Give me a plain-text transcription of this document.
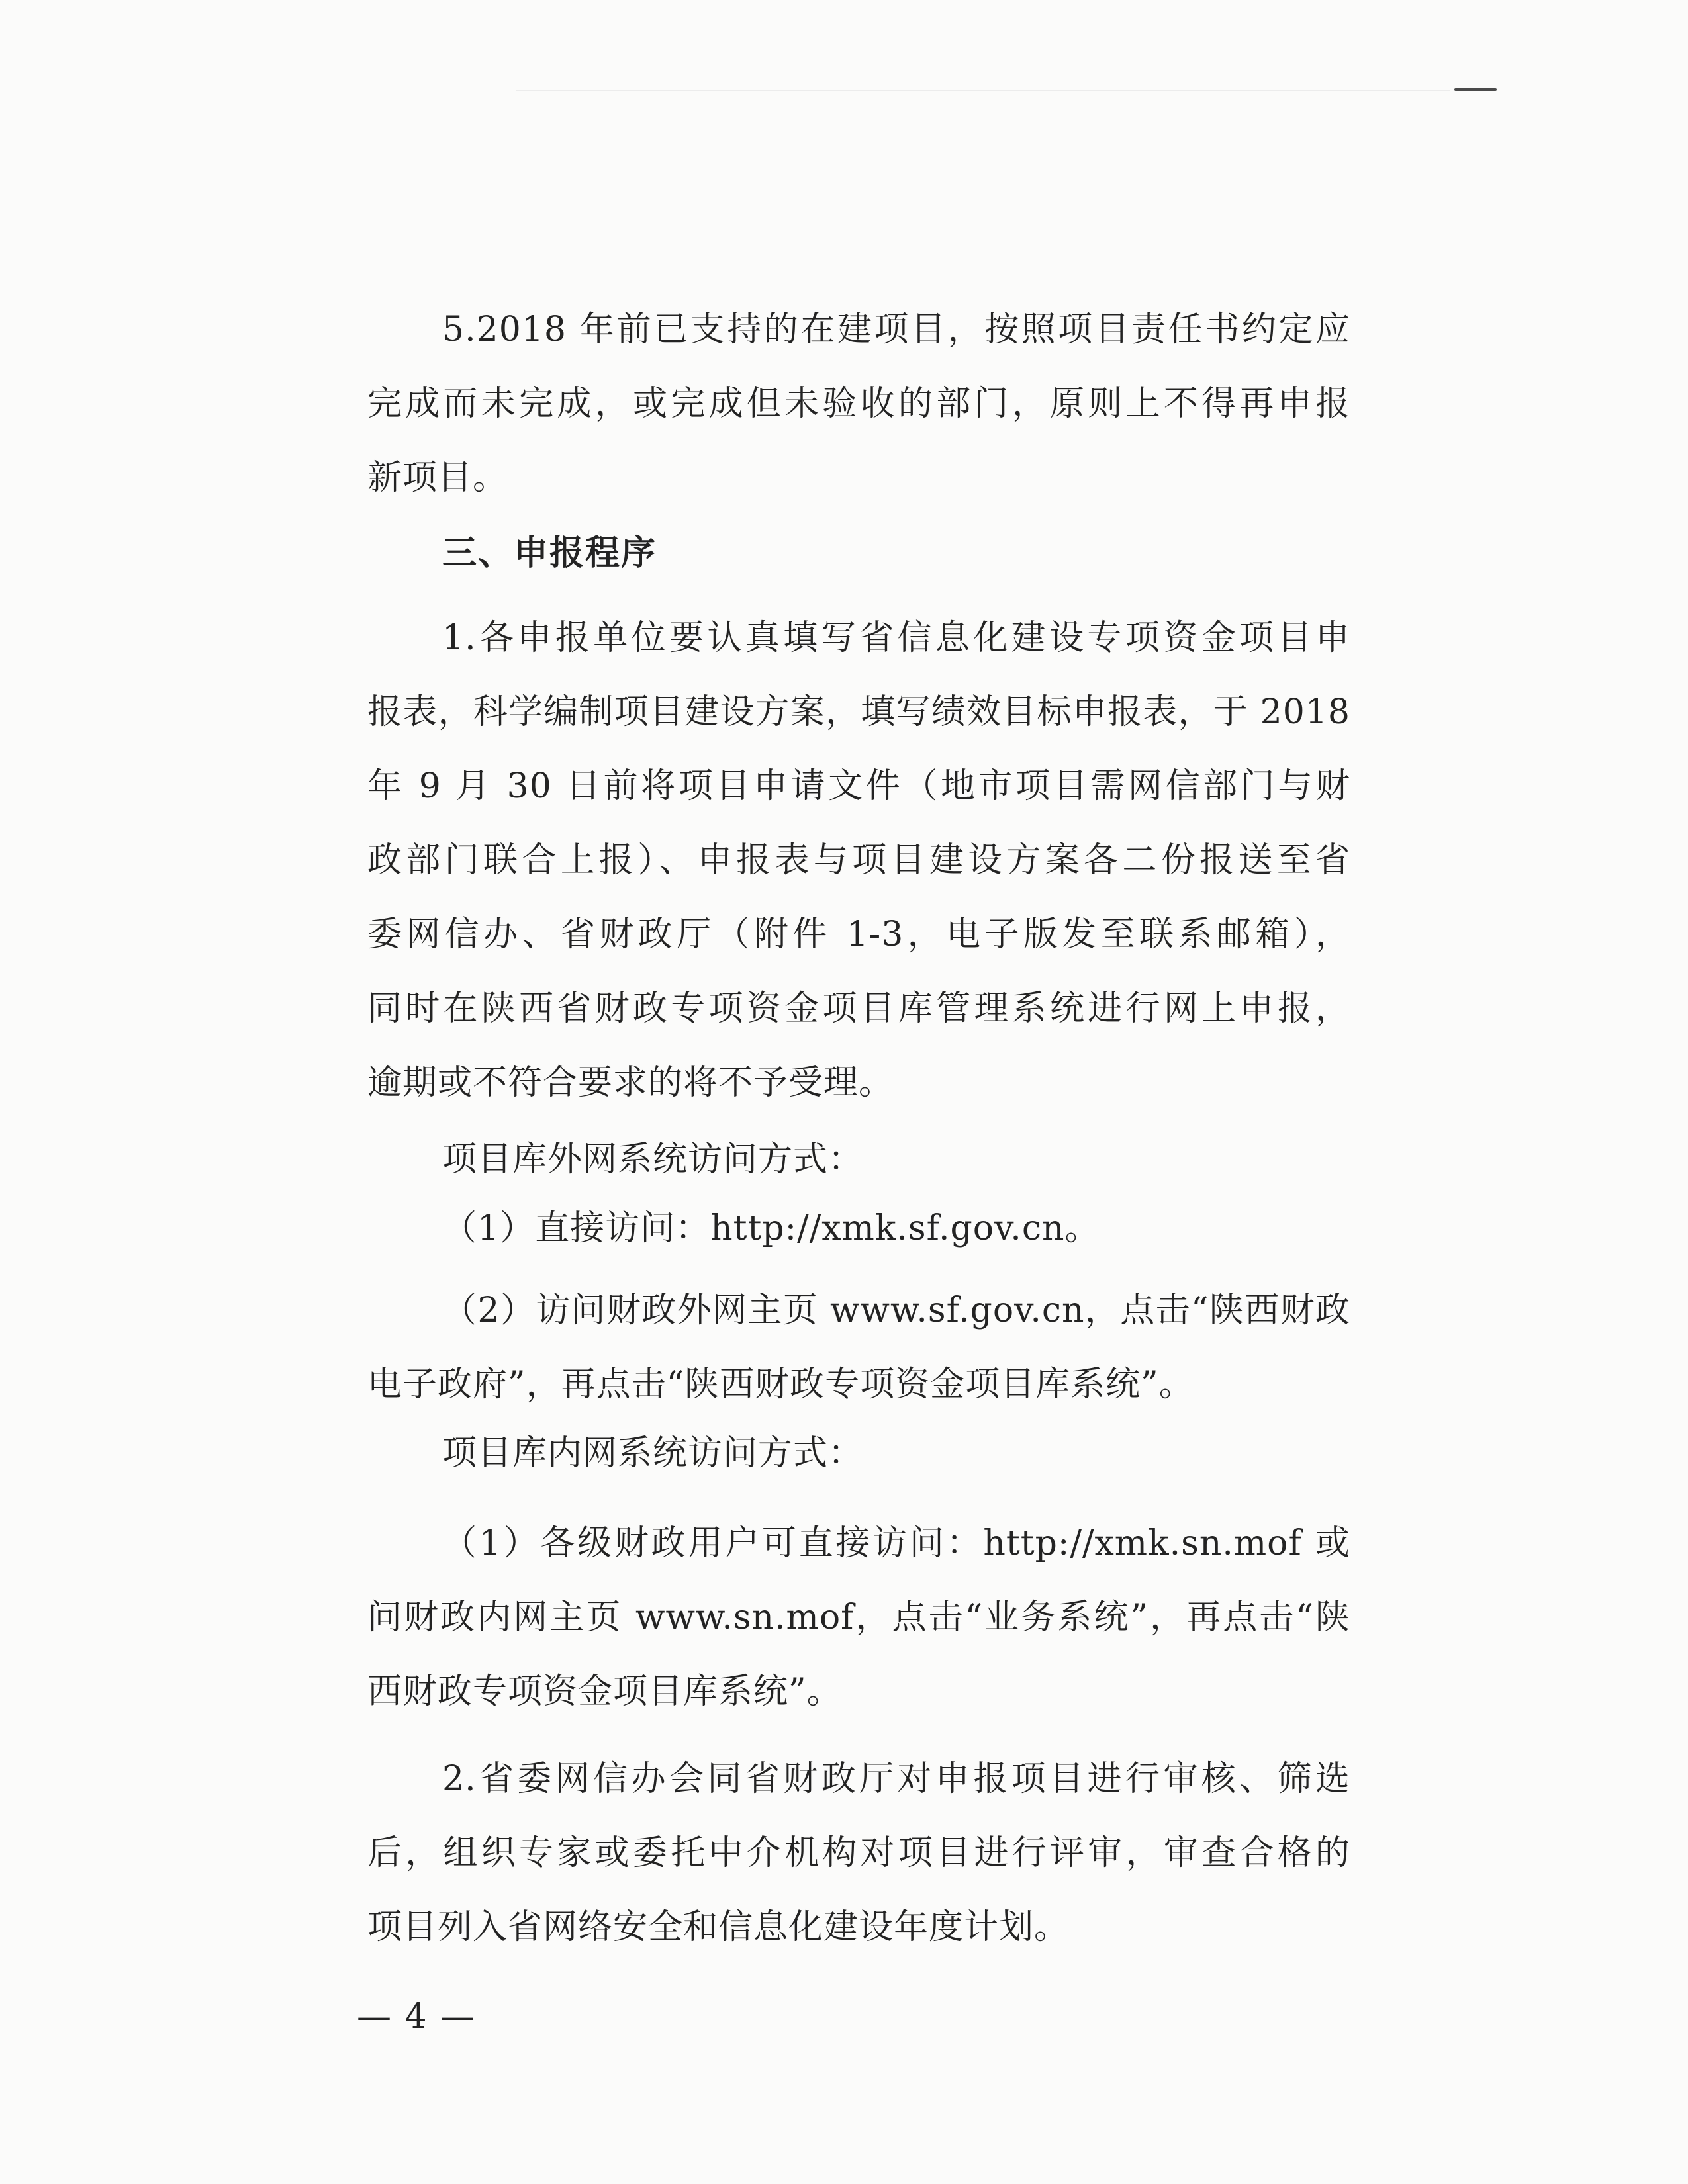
5.2018 年前已支持的在建项目，按照项目责任书约定应
完成而未完成，或完成但未验收的部门，原则上不得再申报
新项目。
三、申报程序
1.各申报单位要认真填写省信息化建设专项资金项目申
报表，科学编制项目建设方案，填写绩效目标申报表，于 2018
年 9 月 30 日前将项目申请文件（地市项目需网信部门与财
政部门联合上报）、申报表与项目建设方案各二份报送至省
委网信办、省财政厅（附件 1-3，电子版发至联系邮箱），
同时在陕西省财政专项资金项目库管理系统进行网上申报，
逾期或不符合要求的将不予受理。
项目库外网系统访问方式：
（1）直接访问：http://xmk.sf.gov.cn。
（2）访问财政外网主页 www.sf.gov.cn，点击“陕西财政
电子政府”，再点击“陕西财政专项资金项目库系统”。
项目库内网系统访问方式：
（1）各级财政用户可直接访问：http://xmk.sn.mof 或
问财政内网主页 www.sn.mof，点击“业务系统”，再点击“陕
西财政专项资金项目库系统”。
2.省委网信办会同省财政厅对申报项目进行审核、筛选
后，组织专家或委托中介机构对项目进行评审，审查合格的
项目列入省网络安全和信息化建设年度计划。
— 4 —
